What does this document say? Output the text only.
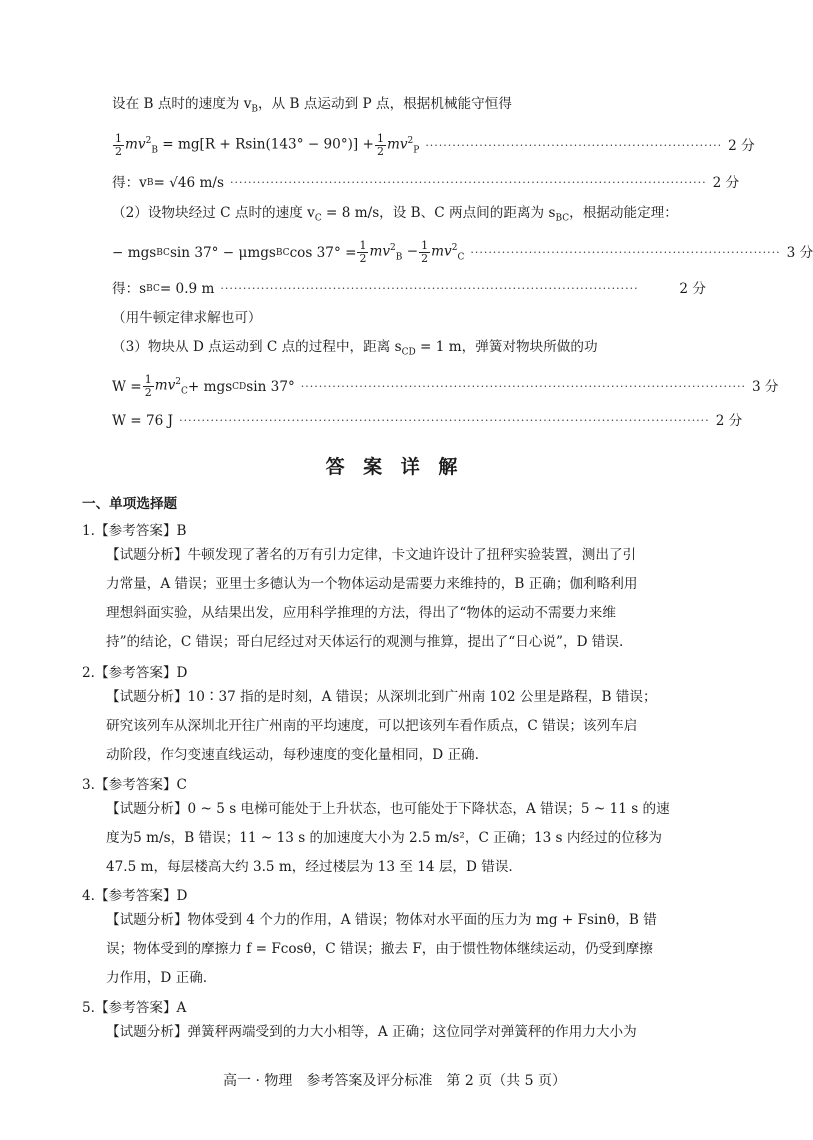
设在 B 点时的速度为 $v_B$，从 B 点运动到 P 点，根据机械能守恒得
$\frac{1}{2} mv^2_B = mg[R + Rsin(143^\circ - 90^\circ)] + \frac{1}{2} mv^2_P$ ·································································· 2 分
得：v B = √46 m/s ·········································································································· 2 分
（2）设物块经过 C 点时的速度 $v_C = 8$ m/s，设 B、C 两点间的距离为 $s_{BC}$，根据动能定理：
− mgs BC sin 37° − μmgs BC $\cos 37^\circ = \frac{1}{2} mv^2_B - \frac{1}{2} mv^2_C$ ····································································· 3 分
得：s BC = 0.9 m ·····························································································	2 分
（用牛顿定律求解也可）
（3）物块从 D 点运动到 C 点的过程中，距离 $s_{CD} = 1$ m，弹簧对物块所做的功
$W = \frac{1}{2} mv^2_C$ + mgs CD sin 37° ··································································································· 3 分
W = 76 J ······················································································································ 2 分
答 案 详 解
一、单项选择题
1.【参考答案】B
【试题分析】牛顿发现了著名的万有引力定律，卡文迪许设计了扭秤实验装置，测出了引
力常量，A 错误；亚里士多德认为一个物体运动是需要力来维持的，B 正确；伽利略利用
理想斜面实验，从结果出发，应用科学推理的方法，得出了“物体的运动不需要力来维
持”的结论，C 错误；哥白尼经过对天体运行的观测与推算，提出了“日心说”，D 错误.
2.【参考答案】D
【试题分析】10∶37 指的是时刻，A 错误；从深圳北到广州南 102 公里是路程，B 错误；
研究该列车从深圳北开往广州南的平均速度，可以把该列车看作质点，C 错误；该列车启
动阶段，作匀变速直线运动，每秒速度的变化量相同，D 正确.
3.【参考答案】C
【试题分析】0 ~ 5 s 电梯可能处于上升状态，也可能处于下降状态，A 错误；5 ~ 11 s 的速
度为5 m/s，B 错误；11 ~ 13 s 的加速度大小为 2.5 m/s²，C 正确；13 s 内经过的位移为
47.5 m，每层楼高大约 3.5 m，经过楼层为 13 至 14 层，D 错误.
4.【参考答案】D
【试题分析】物体受到 4 个力的作用，A 错误；物体对水平面的压力为 mg + Fsinθ，B 错
误；物体受到的摩擦力 f = Fcosθ，C 错误；撤去 F，由于惯性物体继续运动，仍受到摩擦
力作用，D 正确.
5.【参考答案】A
【试题分析】弹簧秤两端受到的力大小相等，A 正确；这位同学对弹簧秤的作用力大小为
高一 · 物理　参考答案及评分标准　第 2 页（共 5 页）
